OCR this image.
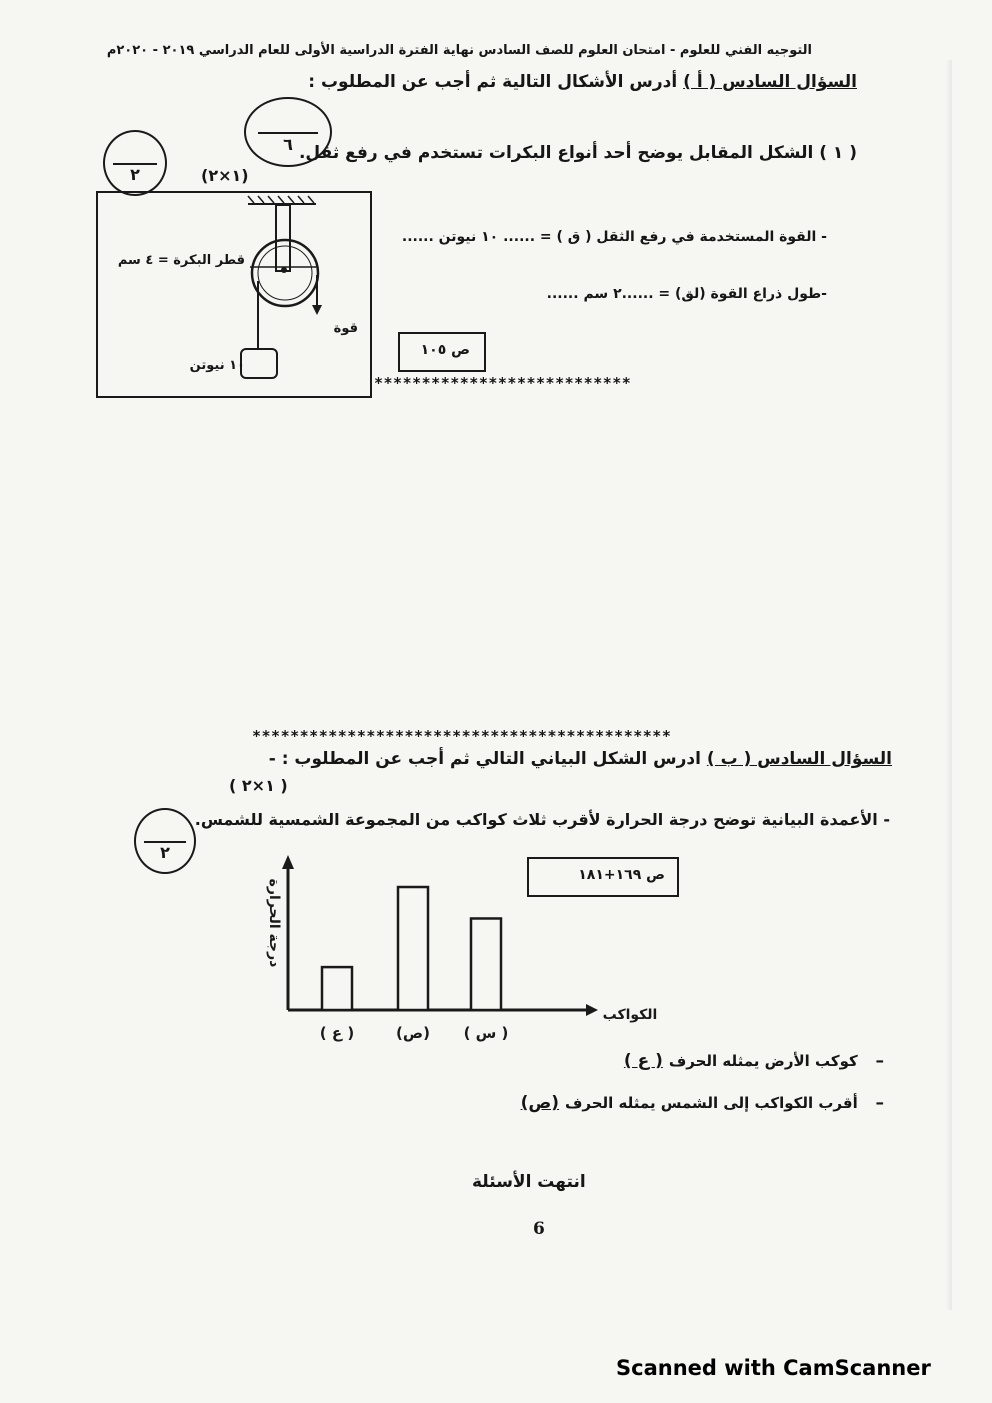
التوجيه الفني للعلوم - امتحان العلوم للصف السادس نهاية الفترة الدراسية الأولى للعام الدراسي ٢٠١٩ - ٢٠٢٠م
السؤال السادس ( أ ) أدرس الأشكال التالية ثم أجب عن المطلوب :
٦
٢	(١×٢)
( ١ ) الشكل المقابل يوضح أحد أنواع البكرات تستخدم في رفع ثقل.
- القوة المستخدمة في رفع الثقل ( ق ) = ...... ١٠ نيوتن ......
-طول ذراع القوة (لق) = ......٢ سم ......
ص ١٠٥
قطر البكرة = ٤ سم
قوة
١٠ نيوتن
***************************
********************************************
السؤال السادس ( ب ) ادرس الشكل البياني التالي ثم أجب عن المطلوب : -
( ١×٢ )
٢
- الأعمدة البيانية توضح درجة الحرارة لأقرب ثلاث كواكب من المجموعة الشمسية للشمس.
ص ١٦٩+١٨١
( ع )	(ص) ( س )
درجة الحرارة
الكواكب
–   كوكب الأرض يمثله الحرف ( ع )
–   أقرب الكواكب إلى الشمس يمثله الحرف (ص)
انتهت الأسئلة
6
Scanned with CamScanner
